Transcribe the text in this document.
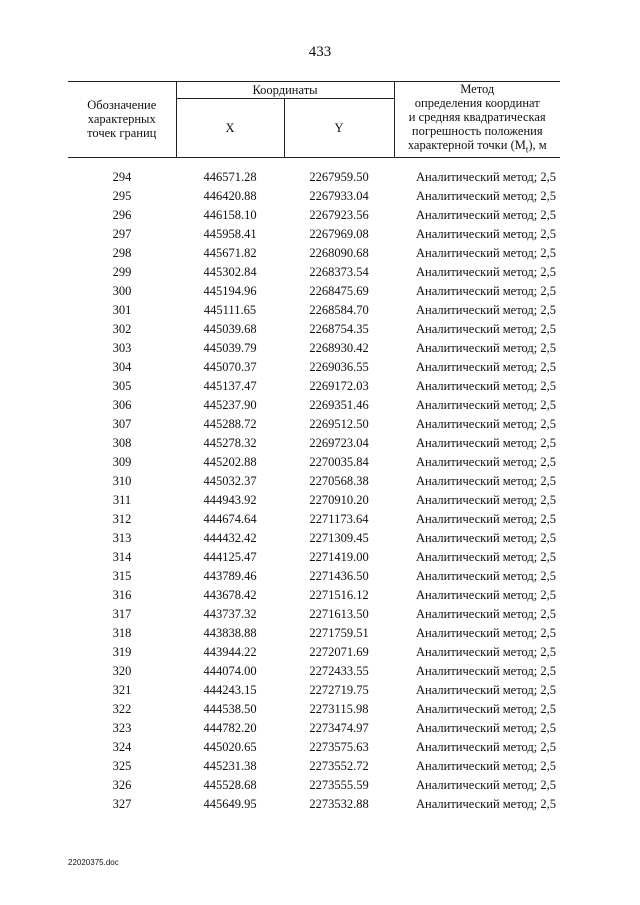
433
Обозначение
характерных
точек границ	Координаты		Метод
определения координат
и средняя квадратическая
погрешность положения
характерной точки $(M_t)$, м

	X	Y	
294	446571.28	2267959.50	Аналитический метод; 2,5
295	446420.88	2267933.04	Аналитический метод; 2,5
296	446158.10	2267923.56	Аналитический метод; 2,5
297	445958.41	2267969.08	Аналитический метод; 2,5
298	445671.82	2268090.68	Аналитический метод; 2,5
299	445302.84	2268373.54	Аналитический метод; 2,5
300	445194.96	2268475.69	Аналитический метод; 2,5
301	445111.65	2268584.70	Аналитический метод; 2,5
302	445039.68	2268754.35	Аналитический метод; 2,5
303	445039.79	2268930.42	Аналитический метод; 2,5
304	445070.37	2269036.55	Аналитический метод; 2,5
305	445137.47	2269172.03	Аналитический метод; 2,5
306	445237.90	2269351.46	Аналитический метод; 2,5
307	445288.72	2269512.50	Аналитический метод; 2,5
308	445278.32	2269723.04	Аналитический метод; 2,5
309	445202.88	2270035.84	Аналитический метод; 2,5
310	445032.37	2270568.38	Аналитический метод; 2,5
311	444943.92	2270910.20	Аналитический метод; 2,5
312	444674.64	2271173.64	Аналитический метод; 2,5
313	444432.42	2271309.45	Аналитический метод; 2,5
314	444125.47	2271419.00	Аналитический метод; 2,5
315	443789.46	2271436.50	Аналитический метод; 2,5
316	443678.42	2271516.12	Аналитический метод; 2,5
317	443737.32	2271613.50	Аналитический метод; 2,5
318	443838.88	2271759.51	Аналитический метод; 2,5
319	443944.22	2272071.69	Аналитический метод; 2,5
320	444074.00	2272433.55	Аналитический метод; 2,5
321	444243.15	2272719.75	Аналитический метод; 2,5
322	444538.50	2273115.98	Аналитический метод; 2,5
323	444782.20	2273474.97	Аналитический метод; 2,5
324	445020.65	2273575.63	Аналитический метод; 2,5
325	445231.38	2273552.72	Аналитический метод; 2,5
326	445528.68	2273555.59	Аналитический метод; 2,5
327	445649.95	2273532.88	Аналитический метод; 2,5
22020375.doc
